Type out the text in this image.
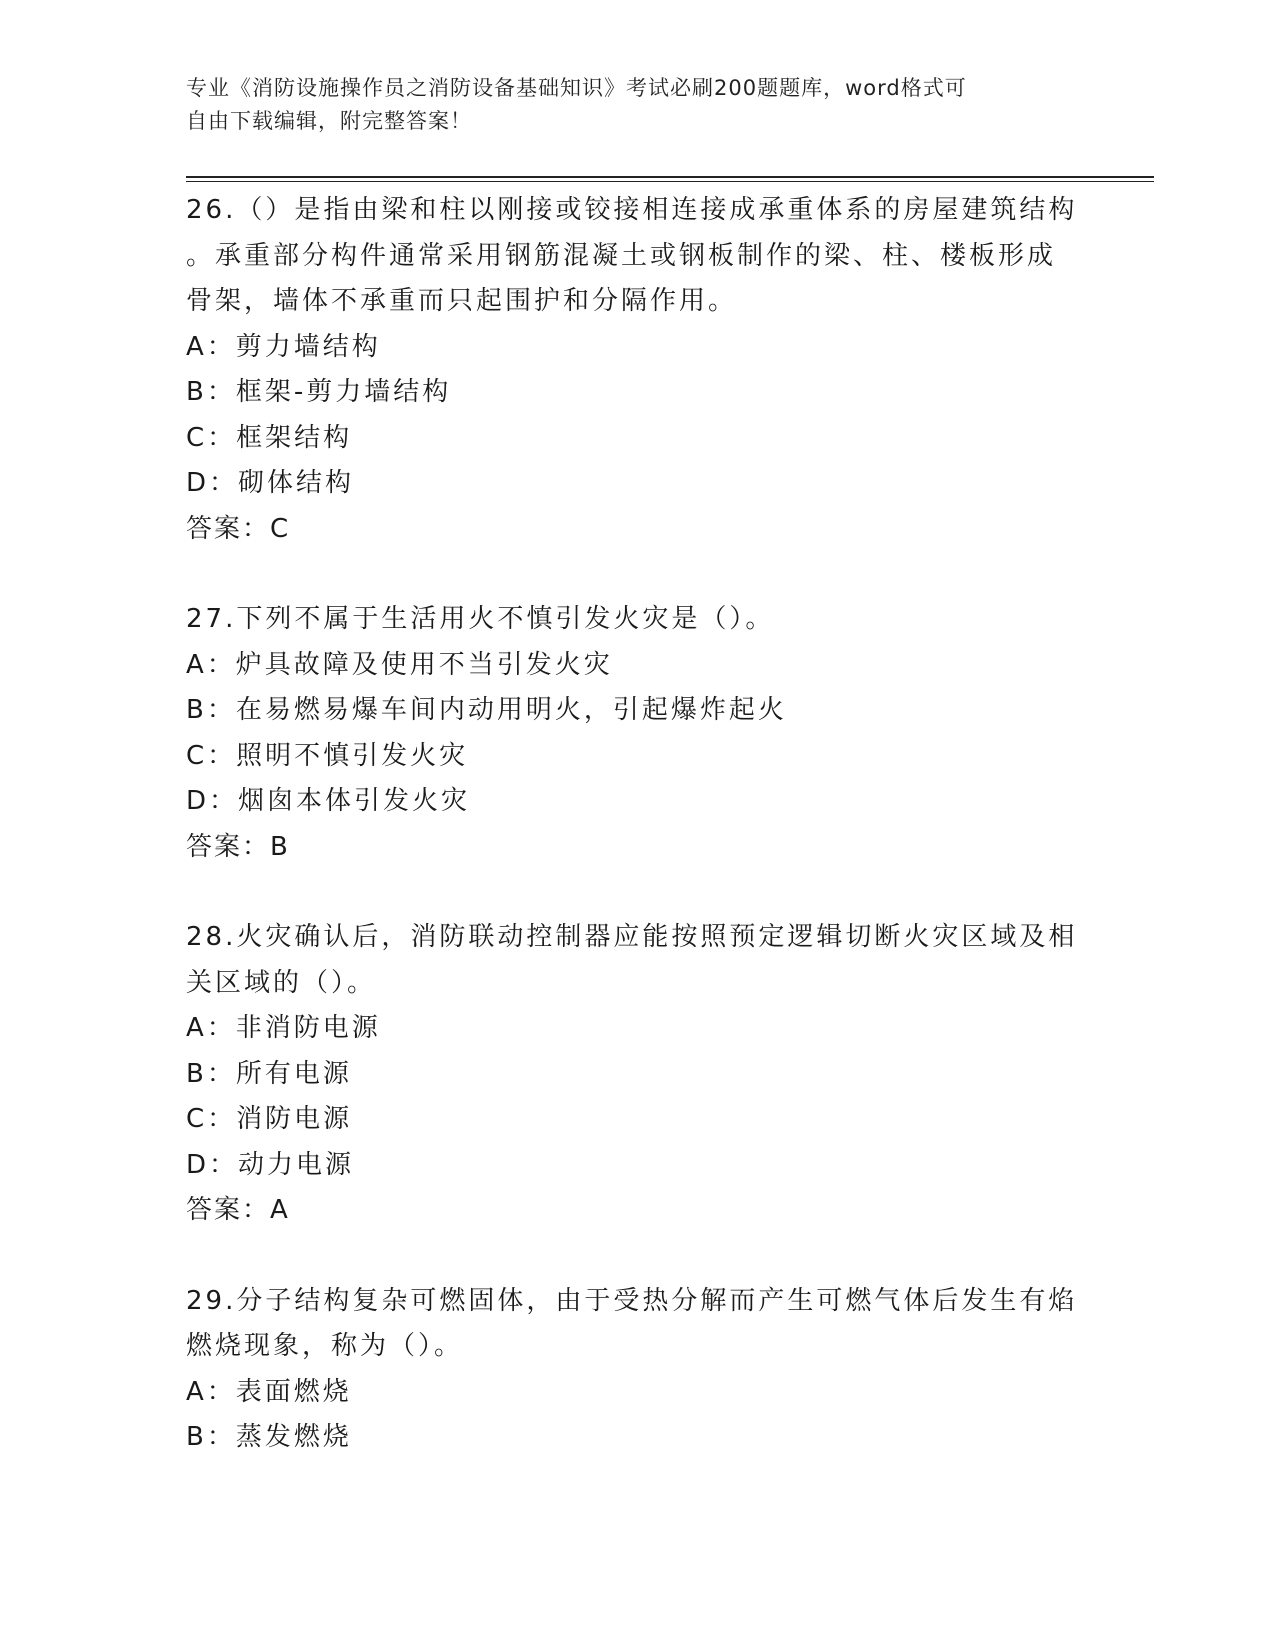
专业《消防设施操作员之消防设备基础知识》考试必刷200题题库，word格式可
自由下载编辑，附完整答案！
26.（）是指由梁和柱以刚接或铰接相连接成承重体系的房屋建筑结构
。承重部分构件通常采用钢筋混凝土或钢板制作的梁、柱、楼板形成
骨架，墙体不承重而只起围护和分隔作用。
A：剪力墙结构
B：框架-剪力墙结构
C：框架结构
D：砌体结构
答案：C
27.下列不属于生活用火不慎引发火灾是（）。
A：炉具故障及使用不当引发火灾
B：在易燃易爆车间内动用明火，引起爆炸起火
C：照明不慎引发火灾
D：烟囱本体引发火灾
答案：B
28.火灾确认后，消防联动控制器应能按照预定逻辑切断火灾区域及相
关区域的（）。
A：非消防电源
B：所有电源
C：消防电源
D：动力电源
答案：A
29.分子结构复杂可燃固体，由于受热分解而产生可燃气体后发生有焰
燃烧现象，称为（）。
A：表面燃烧
B：蒸发燃烧
